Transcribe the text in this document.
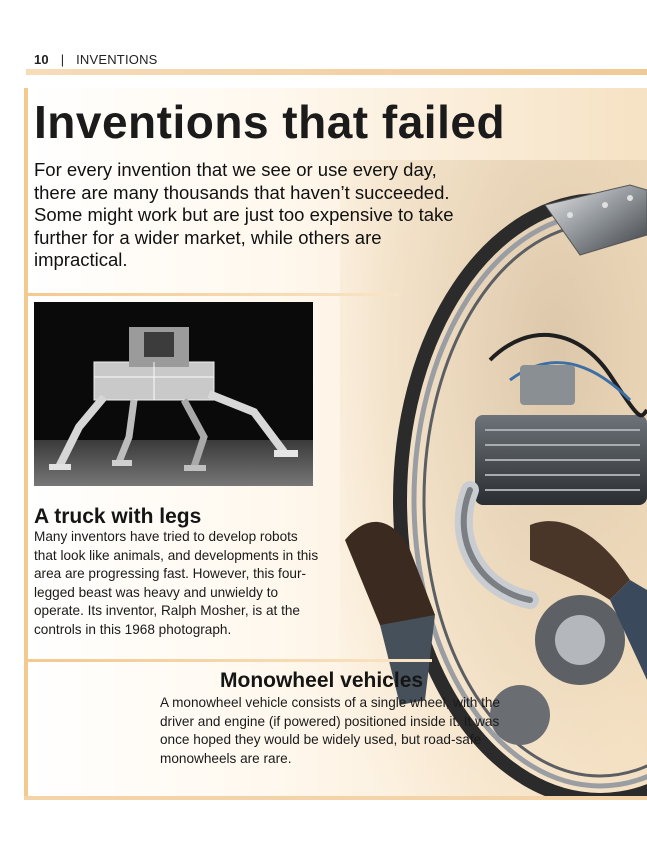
10 | INVENTIONS
Inventions that failed

For every invention that we see or use every day, there are many thousands that haven’t succeeded. Some might work but are just too expensive to take further for a wider market, while others are impractical.

A truck with legs

Many inventors have tried to develop robots that look like animals, and developments in this area are progressing fast. However, this four-legged beast was heavy and unwieldy to operate. Its inventor, Ralph Mosher, is at the controls in this 1968 photograph.

Monowheel vehicles

A monowheel vehicle consists of a single wheel, with the driver and engine (if powered) positioned inside it. It was once hoped they would be widely used, but road-safe monowheels are rare.
